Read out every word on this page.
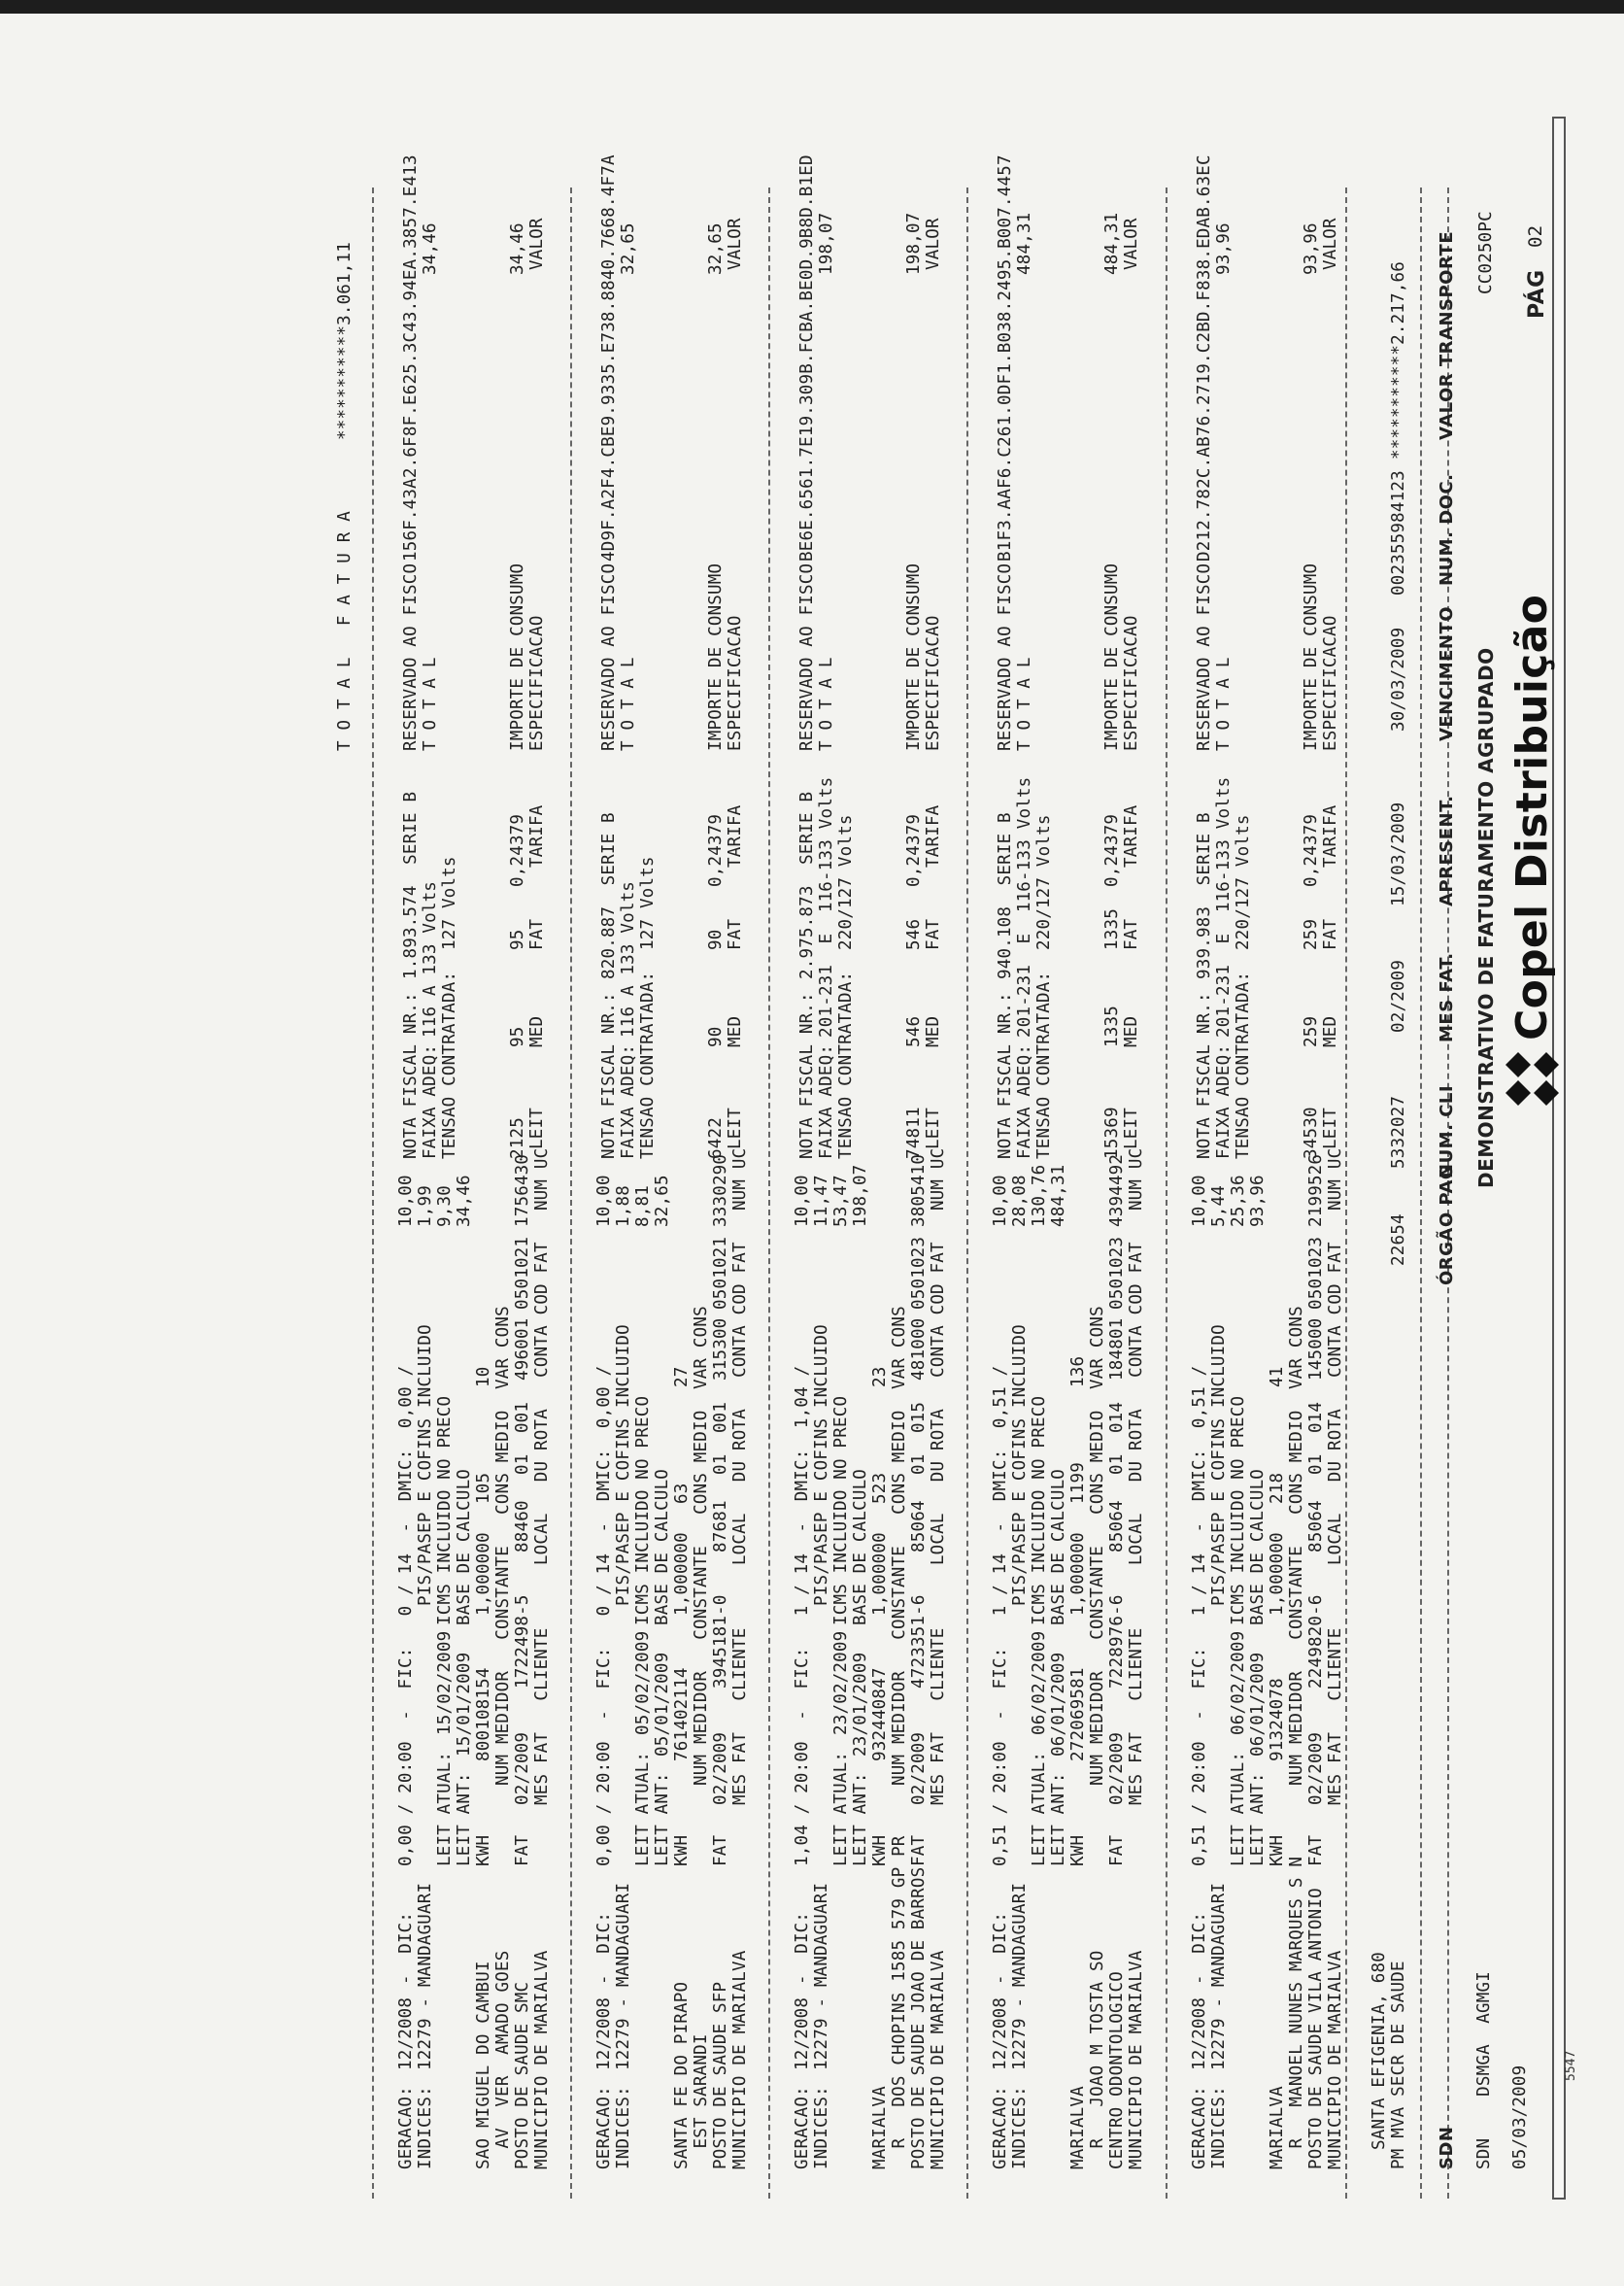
5547
Copel Distribuição
05/03/2009
DEMONSTRATIVO DE FATURAMENTO AGRUPADO
PÁG
02
CC0250PC
SDN    DSMGA  AGMGI
SDN
ÓRGÃO PAG
NUM. CLI
MES FAT.
APRESENT.
VENCIMENTO
NUM. DOC.
VALOR TRANSPORTE
PM MVA SECR DE SAUDE
SANTA EFIGENIA, 680
22654
5332027
02/2009
15/03/2009
30/03/2009
002355984123
***********2.217,66
MUNICIPIO DE MARIALVA
POSTO DE SAUDE VILA ANTONIO
R   MANOEL NUNES MARQUES S N
MARIALVA
INDICES:
12279 - MANDAGUARI
GERACAO:
12/2008
-  DIC:
FAT
MES FAT   CLIENTE      LOCAL   DU ROTA   CONTA COD FAT   NUM UC
02/2009
2249820-6
85064
01  014
145000
0501023
2199526
NUM MEDIDOR   CONSTANTE   CONS MEDIO  VAR CONS
91324078
1,000000
218
41
KWH
LEIT ANT:
06/01/2009
BASE DE CALCULO
LEIT ATUAL:
06/02/2009
ICMS INCLUIDO NO PRECO
PIS/PASEP E COFINS INCLUIDO
0,51 / 20:00  -  FIC:   1 / 14  -  DMIC:  0,51 /
93,96
25,36
5,44
10,00
LEIT
34530
MED
259
FAT
259
TARIFA
0,24379
TENSAO CONTRATADA:
220/127 Volts
FAIXA ADEQ:
201-231  E  116-133 Volts
NOTA FISCAL NR.:
939.983  SERIE B
ESPECIFICACAO
IMPORTE DE CONSUMO
VALOR
93,96
T O T A L
RESERVADO AO FISCO
D212.782C.AB76.2719.C2BD.F838.EDAB.63EC 93,96
MUNICIPIO DE MARIALVA
CENTRO ODONTOLOGICO
R   JOAO M TOSTA SO
MARIALVA
INDICES:
12279 - MANDAGUARI
GERACAO:
12/2008
-  DIC:
FAT
MES FAT   CLIENTE      LOCAL   DU ROTA   CONTA COD FAT   NUM UC
02/2009
7228976-6
85064
01  014
184801
0501023
4394492
NUM MEDIDOR   CONSTANTE   CONS MEDIO  VAR CONS
272069581
1,000000
1199
136
KWH
LEIT ANT:
06/01/2009
BASE DE CALCULO
LEIT ATUAL:
06/02/2009
ICMS INCLUIDO NO PRECO
PIS/PASEP E COFINS INCLUIDO
0,51 / 20:00  -  FIC:   1 / 14  -  DMIC:  0,51 /
484,31
130,76
28,08
10,00
LEIT
15369
MED
1335
FAT
1335
TARIFA
0,24379
TENSAO CONTRATADA:
220/127 Volts
FAIXA ADEQ:
201-231  E  116-133 Volts
NOTA FISCAL NR.:
940.108  SERIE B
ESPECIFICACAO
IMPORTE DE CONSUMO
VALOR
484,31
T O T A L
RESERVADO AO FISCO
B1F3.AAF6.C261.0DF1.B038.2495.B007.4457 484,31
MUNICIPIO DE MARIALVA
POSTO DE SAUDE JOAO DE BARROS
R   DOS CHOPINS 1585 579 GP PR
MARIALVA
INDICES:
12279 - MANDAGUARI
GERACAO:
12/2008
-  DIC:
FAT
MES FAT   CLIENTE      LOCAL   DU ROTA   CONTA COD FAT   NUM UC
02/2009
4723351-6
85064
01  015
481000
0501023
3805410
NUM MEDIDOR   CONSTANTE   CONS MEDIO  VAR CONS
932440847
1,000000
523
23
KWH
LEIT ANT:
23/01/2009
BASE DE CALCULO
LEIT ATUAL:
23/02/2009
ICMS INCLUIDO NO PRECO
PIS/PASEP E COFINS INCLUIDO
1,04 / 20:00  -  FIC:   1 / 14  -  DMIC:  1,04 /
198,07
53,47
11,47
10,00
LEIT
74811
MED
546
FAT
546
TARIFA
0,24379
TENSAO CONTRATADA:
220/127 Volts
FAIXA ADEQ:
201-231  E  116-133 Volts
NOTA FISCAL NR.:
2.975.873  SERIE B
ESPECIFICACAO
IMPORTE DE CONSUMO
VALOR
198,07
T O T A L
RESERVADO AO FISCO
BE6E.6561.7E19.309B.FCBA.BE0D.9B8D.B1ED 198,07
MUNICIPIO DE MARIALVA
POSTO DE SAUDE SFP
EST SARANDI
SANTA FE DO PIRAPO
INDICES:
12279 - MANDAGUARI
GERACAO:
12/2008
-  DIC:
FAT
MES FAT   CLIENTE      LOCAL   DU ROTA   CONTA COD FAT   NUM UC
02/2009
3945181-0
87681
01  001
315300
0501021
3330290
NUM MEDIDOR   CONSTANTE   CONS MEDIO  VAR CONS
761402114
1,000000
63
27
KWH
LEIT ANT:
05/01/2009
BASE DE CALCULO
LEIT ATUAL:
05/02/2009
ICMS INCLUIDO NO PRECO
PIS/PASEP E COFINS INCLUIDO
0,00 / 20:00  -  FIC:   0 / 14  -  DMIC:  0,00 /
32,65
8,81
1,88
10,00
LEIT
6422
MED
90
FAT
90
TARIFA
0,24379
TENSAO CONTRATADA:
127 Volts
FAIXA ADEQ:
116 A 133 Volts
NOTA FISCAL NR.:
820.887  SERIE B
ESPECIFICACAO
IMPORTE DE CONSUMO
VALOR
32,65
T O T A L
RESERVADO AO FISCO
4D9F.A2F4.CBE9.9335.E738.8840.7668.4F7A 32,65
MUNICIPIO DE MARIALVA
POSTO DE SAUDE SMC
AV  VER  AMADO GOES
SAO MIGUEL DO CAMBUI
INDICES:
12279 - MANDAGUARI
GERACAO:
12/2008
-  DIC:
FAT
MES FAT   CLIENTE      LOCAL   DU ROTA   CONTA COD FAT   NUM UC
02/2009
1722498-5
88460
01  001
496001
0501021
1756430
NUM MEDIDOR   CONSTANTE   CONS MEDIO  VAR CONS
800108154
1,000000
105
10
KWH
LEIT ANT:
15/01/2009
BASE DE CALCULO
LEIT ATUAL:
15/02/2009
ICMS INCLUIDO NO PRECO
PIS/PASEP E COFINS INCLUIDO
0,00 / 20:00  -  FIC:   0 / 14  -  DMIC:  0,00 /
34,46
9,30
1,99
10,00
LEIT
2125
MED
95
FAT
95
TARIFA
0,24379
TENSAO CONTRATADA:
127 Volts
FAIXA ADEQ:
116 A 133 Volts
NOTA FISCAL NR.:
1.893.574  SERIE B
ESPECIFICACAO
IMPORTE DE CONSUMO
VALOR
34,46
T O T A L
RESERVADO AO FISCO
156F.43A2.6F8F.E625.3C43.94EA.3857.E413 34,46
T O T A L   F A T U R A
***********3.061,11
